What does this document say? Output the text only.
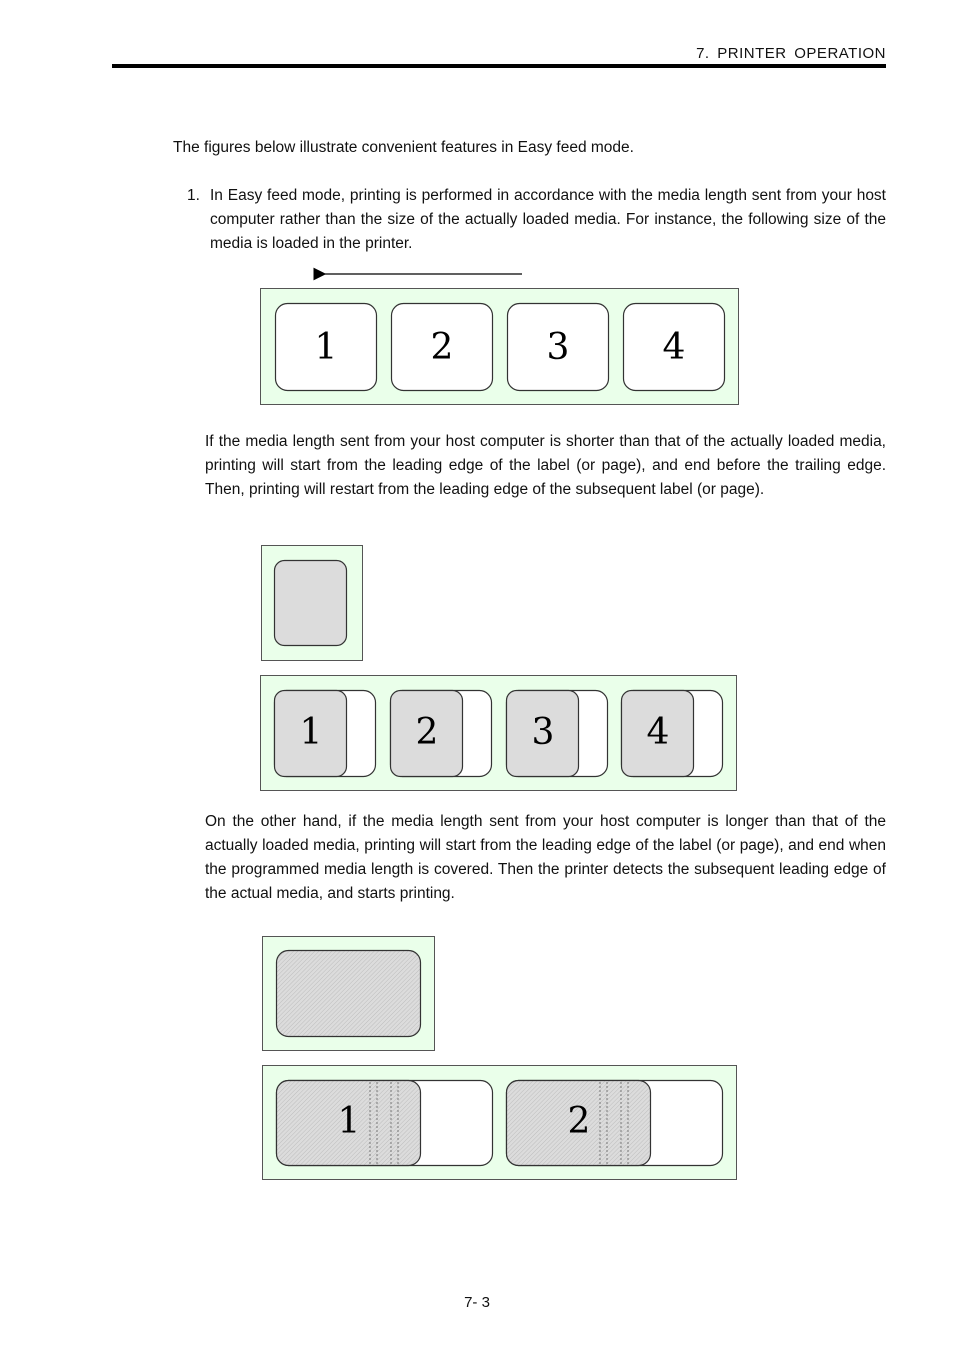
7. PRINTER OPERATION
The figures below illustrate convenient features in Easy feed mode.
1. In Easy feed mode, printing is performed in accordance with the media length sent from your host computer rather than the size of the actually loaded media. For instance, the following size of the media is loaded in the printer.
1	2	3	4
If the media length sent from your host computer is shorter than that of the actually loaded media, printing will start from the leading edge of the label (or page), and end before the trailing edge. Then, printing will restart from the leading edge of the subsequent label (or page).
1	2	3	4
On the other hand, if the media length sent from your host computer is longer than that of the actually loaded media, printing will start from the leading edge of the label (or page), and end when the programmed media length is covered. Then the printer detects the subsequent leading edge of the actual media, and starts printing.
1	2
7- 3
